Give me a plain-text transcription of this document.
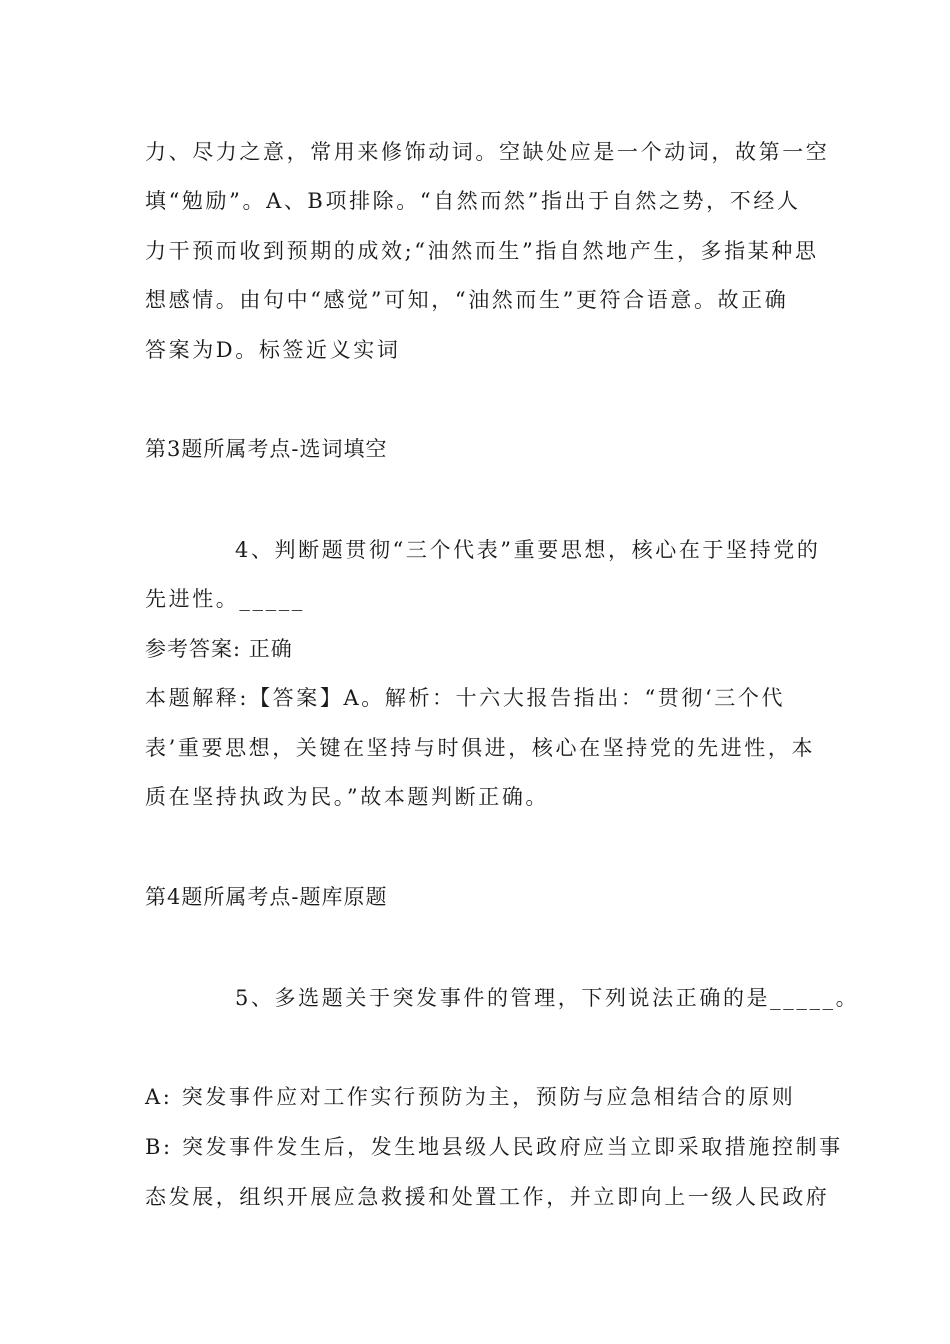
力、尽力之意，常用来修饰动词。空缺处应是一个动词，故第一空
填“勉励”。A、B项排除。“自然而然”指出于自然之势，不经人
力干预而收到预期的成效;“油然而生”指自然地产生，多指某种思
想感情。由句中“感觉”可知，“油然而生”更符合语意。故正确
答案为D。标签近义实词
第3题所属考点-选词填空
4、判断题贯彻“三个代表”重要思想，核心在于坚持党的
先进性。_____
参考答案: 正确
本题解释:【答案】A。解析：十六大报告指出：“贯彻‘三个代
表’重要思想，关键在坚持与时俱进，核心在坚持党的先进性，本
质在坚持执政为民。”故本题判断正确。
第4题所属考点-题库原题
5、多选题关于突发事件的管理，下列说法正确的是_____。
A: 突发事件应对工作实行预防为主，预防与应急相结合的原则
B: 突发事件发生后，发生地县级人民政府应当立即采取措施控制事
态发展，组织开展应急救援和处置工作，并立即向上一级人民政府
